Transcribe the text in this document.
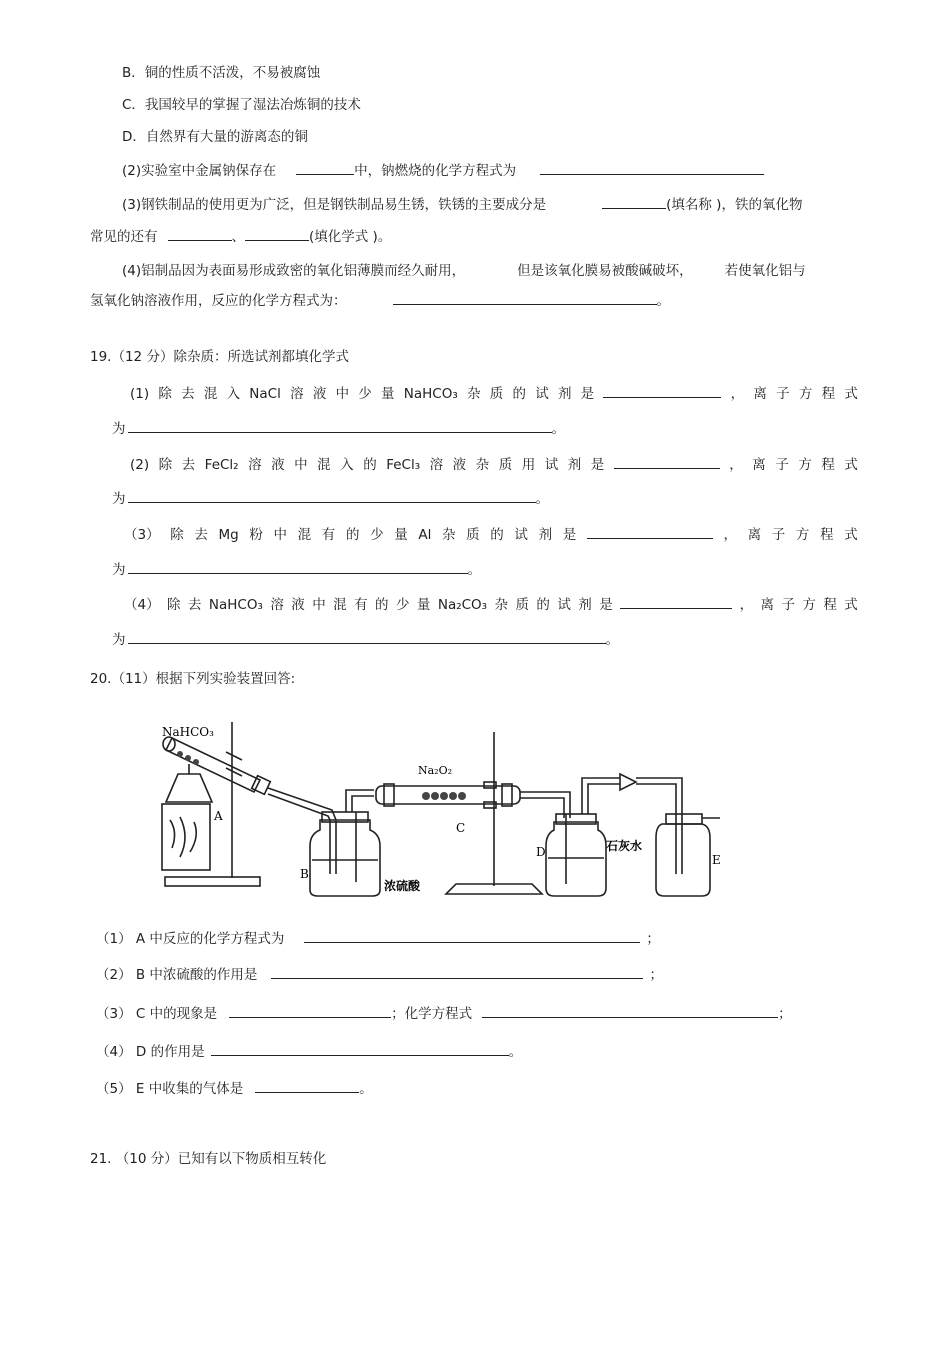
B．铜的性质不活泼，不易被腐蚀
C．我国较早的掌握了湿法冶炼铜的技术
D．自然界有大量的游离态的铜
(2)实验室中金属钠保存在	中，钠燃烧的化学方程式为
(3)钢铁制品的使用更为广泛，但是钢铁制品易生锈，铁锈的主要成分是	(填名称 )，铁的氧化物
常见的还有	、	(填化学式 )。
(4)铝制品因为表面易形成致密的氧化铝薄膜而经久耐用，	但是该氧化膜易被酸碱破坏， 若使氧化铝与
氢氧化钠溶液作用，反应的化学方程式为：	。
19.（12 分）除杂质：所选试剂都填化学式
(1) 除 去 混 入 NaCl 溶 液 中 少 量 NaHCO₃ 杂 质 的 试 剂 是	， 离 子 方 程 式
为	。
(2) 除 去 FeCl₂ 溶 液 中 混 入 的 FeCl₃ 溶 液 杂 质 用 试 剂 是	， 离 子 方 程 式
为	。
（3） 除 去 Mg 粉 中 混 有 的 少 量 Al 杂 质 的 试 剂 是	， 离 子 方 程 式
为	。
（4） 除 去 NaHCO₃ 溶 液 中 混 有 的 少 量 Na₂CO₃ 杂 质 的 试 剂 是	， 离 子 方 程 式
为	。
20.（11）根据下列实验装置回答:
NaHCO₃
A
B
浓硫酸
Na₂O₂
C
D	石灰水
E
（1） A 中反应的化学方程式为	；
（2） B 中浓硫酸的作用是	；
（3） C 中的现象是	；化学方程式	；
（4） D 的作用是	。
（5） E 中收集的气体是	。
21. （10 分）已知有以下物质相互转化
